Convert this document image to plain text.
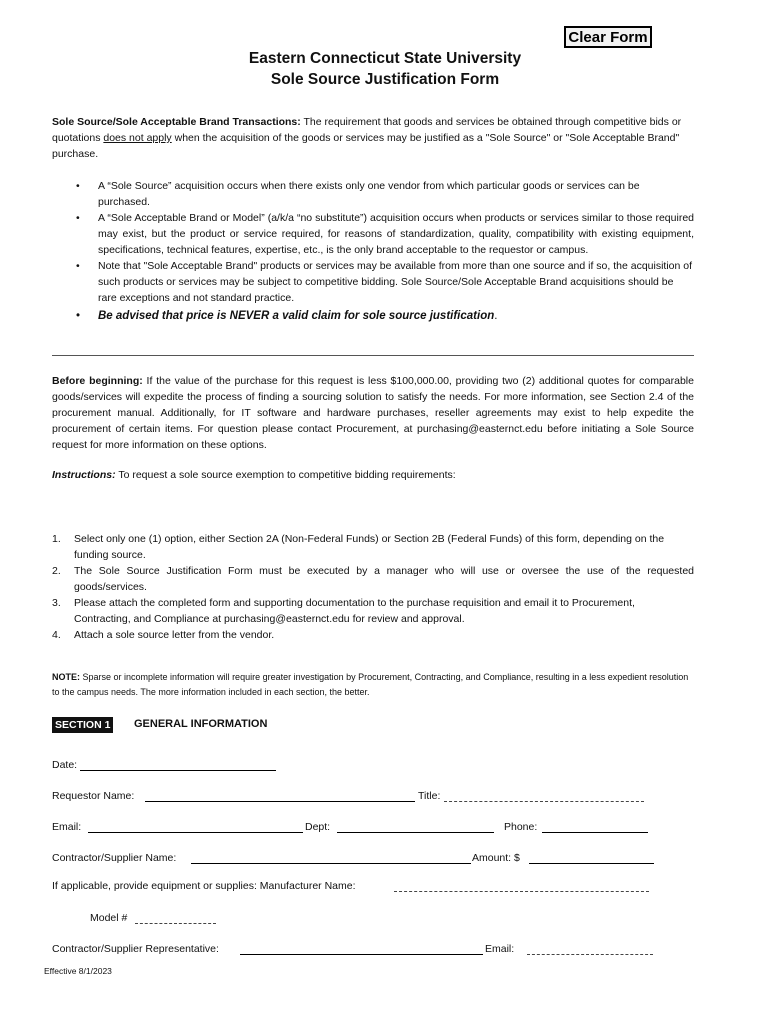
Clear Form
Eastern Connecticut State University
Sole Source Justification Form
Sole Source/Sole Acceptable Brand Transactions: The requirement that goods and services be obtained through competitive bids or quotations does not apply when the acquisition of the goods or services may be justified as a "Sole Source" or "Sole Acceptable Brand" purchase.
• A “Sole Source” acquisition occurs when there exists only one vendor from which particular goods or services can be purchased.
• A “Sole Acceptable Brand or Model” (a/k/a “no substitute”) acquisition occurs when products or services similar to those required may exist, but the product or service required, for reasons of standardization, quality, compatibility with existing equipment, specifications, technical features, expertise, etc., is the only brand acceptable to the requestor or campus.
• Note that "Sole Acceptable Brand" products or services may be available from more than one source and if so, the acquisition of such products or services may be subject to competitive bidding. Sole Source/Sole Acceptable Brand acquisitions should be rare exceptions and not standard practice.
• Be advised that price is NEVER a valid claim for sole source justification.
Before beginning: If the value of the purchase for this request is less $100,000.00, providing two (2) additional quotes for comparable goods/services will expedite the process of finding a sourcing solution to satisfy the needs. For more information, see Section 2.4 of the procurement manual. Additionally, for IT software and hardware purchases, reseller agreements may exist to help expedite the procurement of certain items. For question please contact Procurement, at purchasing@easternct.edu before initiating a Sole Source request for more information on these options.
Instructions: To request a sole source exemption to competitive bidding requirements:
1. Select only one (1) option, either Section 2A (Non-Federal Funds) or Section 2B (Federal Funds) of this form, depending on the funding source.
2. The Sole Source Justification Form must be executed by a manager who will use or oversee the use of the requested goods/services.
3. Please attach the completed form and supporting documentation to the purchase requisition and email it to Procurement, Contracting, and Compliance at purchasing@easternct.edu for review and approval.
4. Attach a sole source letter from the vendor.
NOTE: Sparse or incomplete information will require greater investigation by Procurement, Contracting, and Compliance, resulting in a less expedient resolution to the campus needs. The more information included in each section, the better.
SECTION 1 GENERAL INFORMATION
Date:
Requestor Name:	Title:
Email:	Dept:	Phone:
Contractor/Supplier Name:	Amount: $
If applicable, provide equipment or supplies: Manufacturer Name:
Model #
Contractor/Supplier Representative:	Email:
Effective 8/1/2023
